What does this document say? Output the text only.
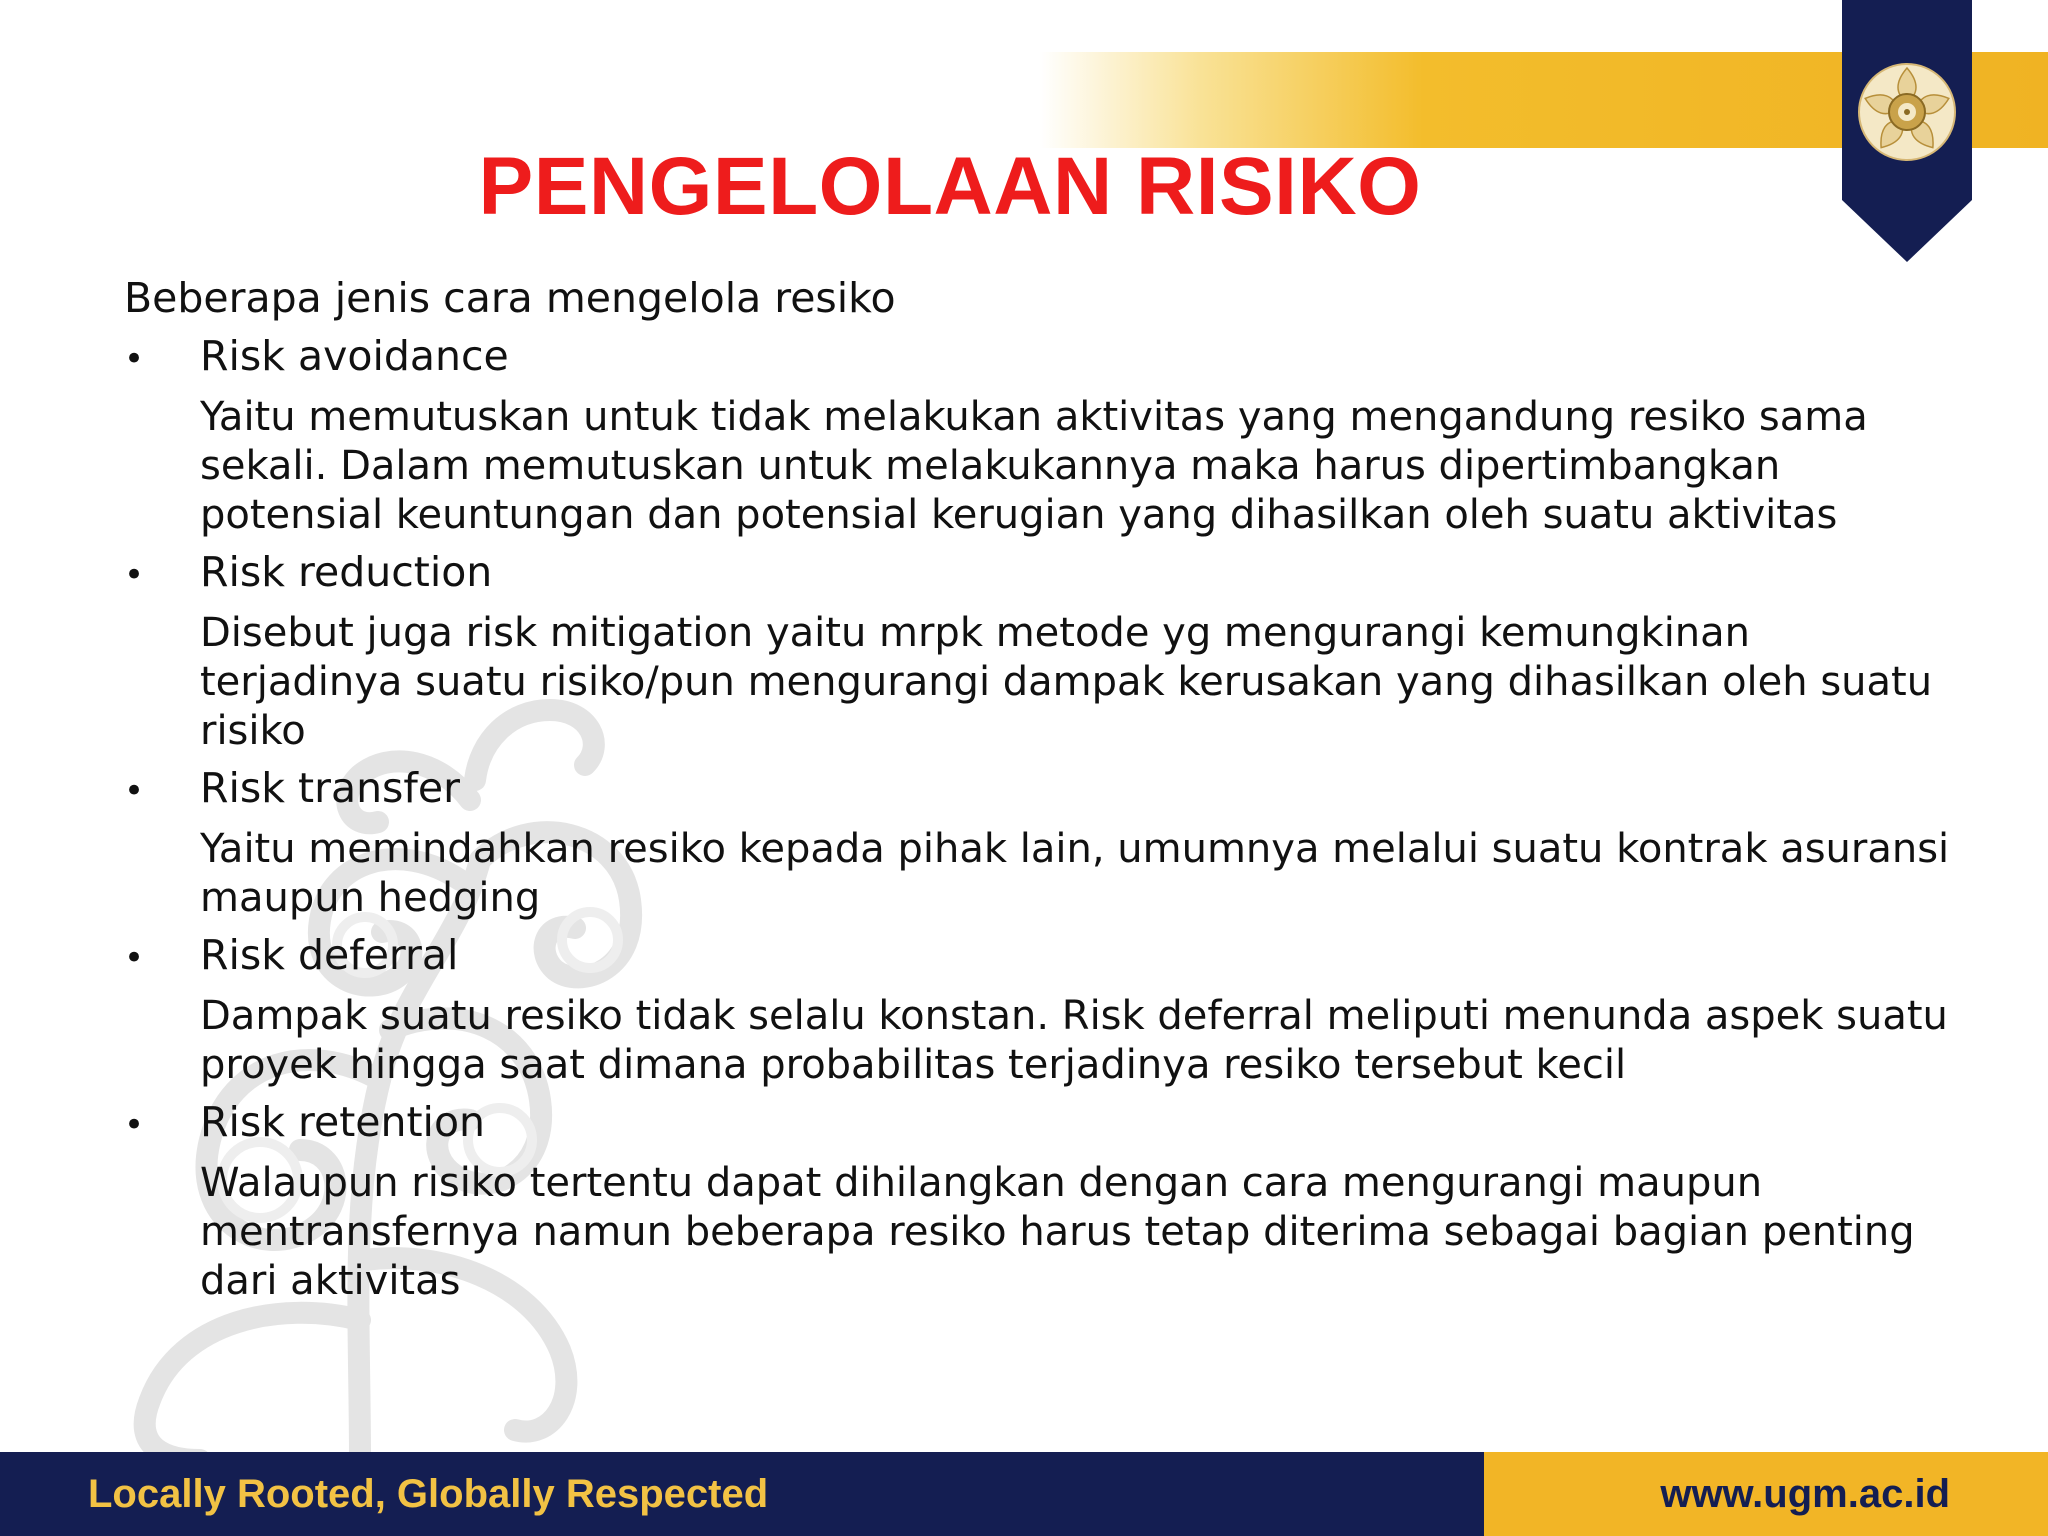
PENGELOLAAN RISIKO

Beberapa jenis cara mengelola resiko

•	Risk avoidance
Yaitu memutuskan untuk tidak melakukan aktivitas yang mengandung resiko sama sekali. Dalam memutuskan untuk melakukannya maka harus dipertimbangkan potensial keuntungan dan potensial kerugian yang dihasilkan oleh suatu aktivitas
•	Risk reduction
Disebut juga risk mitigation yaitu mrpk metode yg mengurangi kemungkinan terjadinya suatu risiko/pun mengurangi dampak kerusakan yang dihasilkan oleh suatu risiko
•	Risk transfer
Yaitu memindahkan resiko kepada pihak lain, umumnya melalui suatu kontrak asuransi maupun hedging
•	Risk deferral
Dampak suatu resiko tidak selalu konstan. Risk deferral meliputi menunda aspek suatu proyek hingga saat dimana probabilitas terjadinya resiko tersebut kecil
•	Risk retention
Walaupun risiko tertentu dapat dihilangkan dengan cara mengurangi maupun mentransfernya namun beberapa resiko harus tetap diterima sebagai bagian penting dari aktivitas
Locally Rooted, Globally Respected	www.ugm.ac.id
